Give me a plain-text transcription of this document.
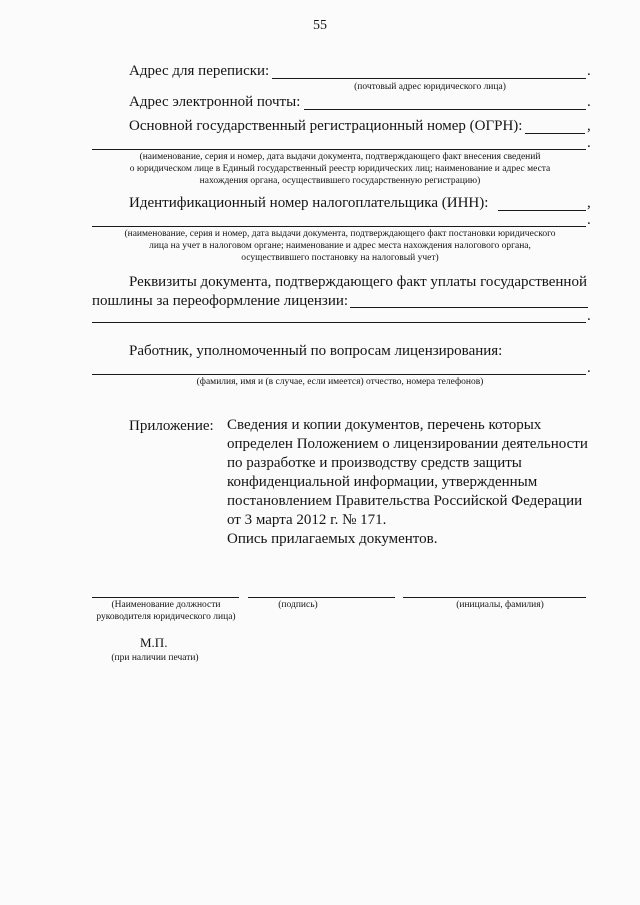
55
Адрес для переписки:	.
(почтовый адрес юридического лица)
Адрес электронной почты:	.
Основной государственный регистрационный номер (ОГРН):	,
.
(наименование, серия и номер, дата выдачи документа, подтверждающего факт внесения сведений
о юридическом лице в Единый государственный реестр юридических лиц; наименование и адрес места
нахождения органа, осуществившего государственную регистрацию)
Идентификационный номер налогоплательщика (ИНН):	,
.
(наименование, серия и номер, дата выдачи документа, подтверждающего факт постановки юридического
лица на учет в налоговом органе; наименование и адрес места нахождения налогового органа,
осуществившего постановку на налоговый учет)
Реквизиты документа, подтверждающего факт уплаты государственной
пошлины за переоформление лицензии:
.
Работник, уполномоченный по вопросам лицензирования:
.
(фамилия, имя и (в случае, если имеется) отчество, номера телефонов)
Приложение: Сведения и копии документов, перечень которых
определен Положением о лицензировании деятельности
по разработке и производству средств защиты
конфиденциальной информации, утвержденным
постановлением Правительства Российской Федерации
от 3 марта 2012 г. № 171.
Опись прилагаемых документов.
(Наименование должности
руководителя юридического лица)
(подпись)	(инициалы, фамилия)
М.П.
(при наличии печати)
